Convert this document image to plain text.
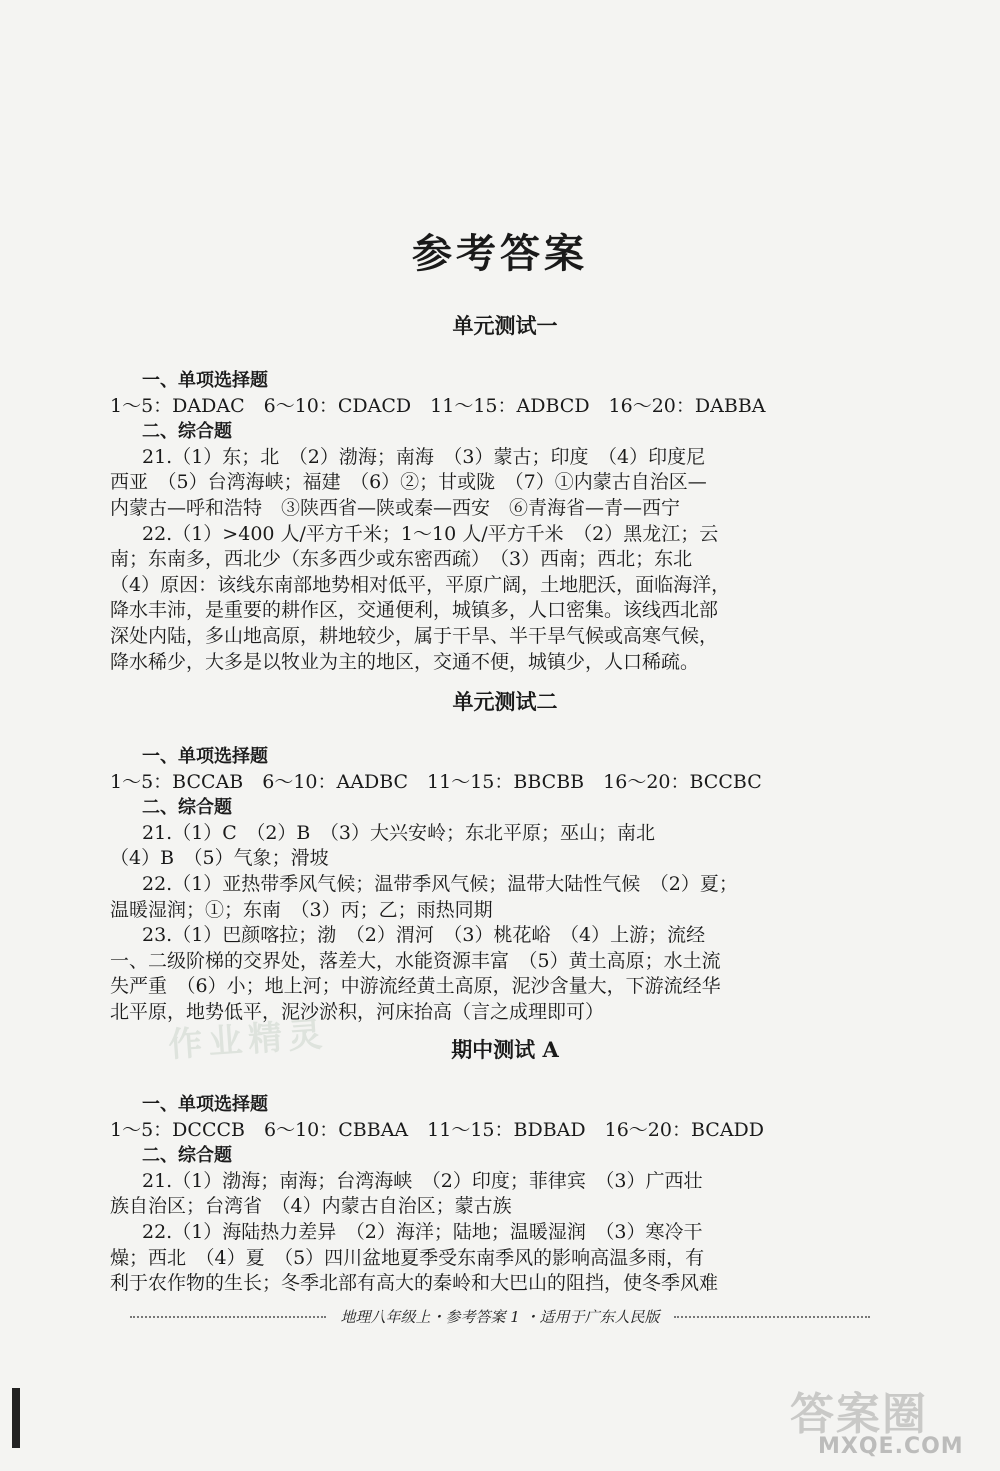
参考答案
单元测试一
一、单项选择题
1～5：DADAC　6～10：CDACD　11～15：ADBCD　16～20：DABBA
二、综合题
21.（1）东；北　（2）渤海；南海　（3）蒙古；印度　（4）印度尼
西亚　（5）台湾海峡；福建　（6）②；甘或陇　（7）①内蒙古自治区—
内蒙古—呼和浩特　③陕西省—陕或秦—西安　⑥青海省—青—西宁
22.（1）>400 人/平方千米；1～10 人/平方千米　（2）黑龙江；云
南；东南多，西北少（东多西少或东密西疏）　（3）西南；西北；东北
（4）原因：该线东南部地势相对低平，平原广阔，土地肥沃，面临海洋，
降水丰沛，是重要的耕作区，交通便利，城镇多，人口密集。该线西北部
深处内陆，多山地高原，耕地较少，属于干旱、半干旱气候或高寒气候，
降水稀少，大多是以牧业为主的地区，交通不便，城镇少，人口稀疏。
单元测试二
一、单项选择题
1～5：BCCAB　6～10：AADBC　11～15：BBCBB　16～20：BCCBC
二、综合题
21.（1）C　（2）B　（3）大兴安岭；东北平原；巫山；南北
（4）B　（5）气象；滑坡
22.（1）亚热带季风气候；温带季风气候；温带大陆性气候　（2）夏；
温暖湿润；①；东南　（3）丙；乙；雨热同期
23.（1）巴颜喀拉；渤　（2）渭河　（3）桃花峪　（4）上游；流经
一、二级阶梯的交界处，落差大，水能资源丰富　（5）黄土高原；水土流
失严重　（6）小；地上河；中游流经黄土高原，泥沙含量大，下游流经华
北平原，地势低平，泥沙淤积，河床抬高（言之成理即可）
期中测试 A
一、单项选择题
1～5：DCCCB　6～10：CBBAA　11～15：BDBAD　16～20：BCADD
二、综合题
21.（1）渤海；南海；台湾海峡　（2）印度；菲律宾　（3）广西壮
族自治区；台湾省　（4）内蒙古自治区；蒙古族
22.（1）海陆热力差异　（2）海洋；陆地；温暖湿润　（3）寒冷干
燥；西北　（4）夏　（5）四川盆地夏季受东南季风的影响高温多雨，有
利于农作物的生长；冬季北部有高大的秦岭和大巴山的阻挡，使冬季风难
地理八年级上・参考答案 1 ・适用于广东人民版
作业精灵
答案圈
MXQE.COM
